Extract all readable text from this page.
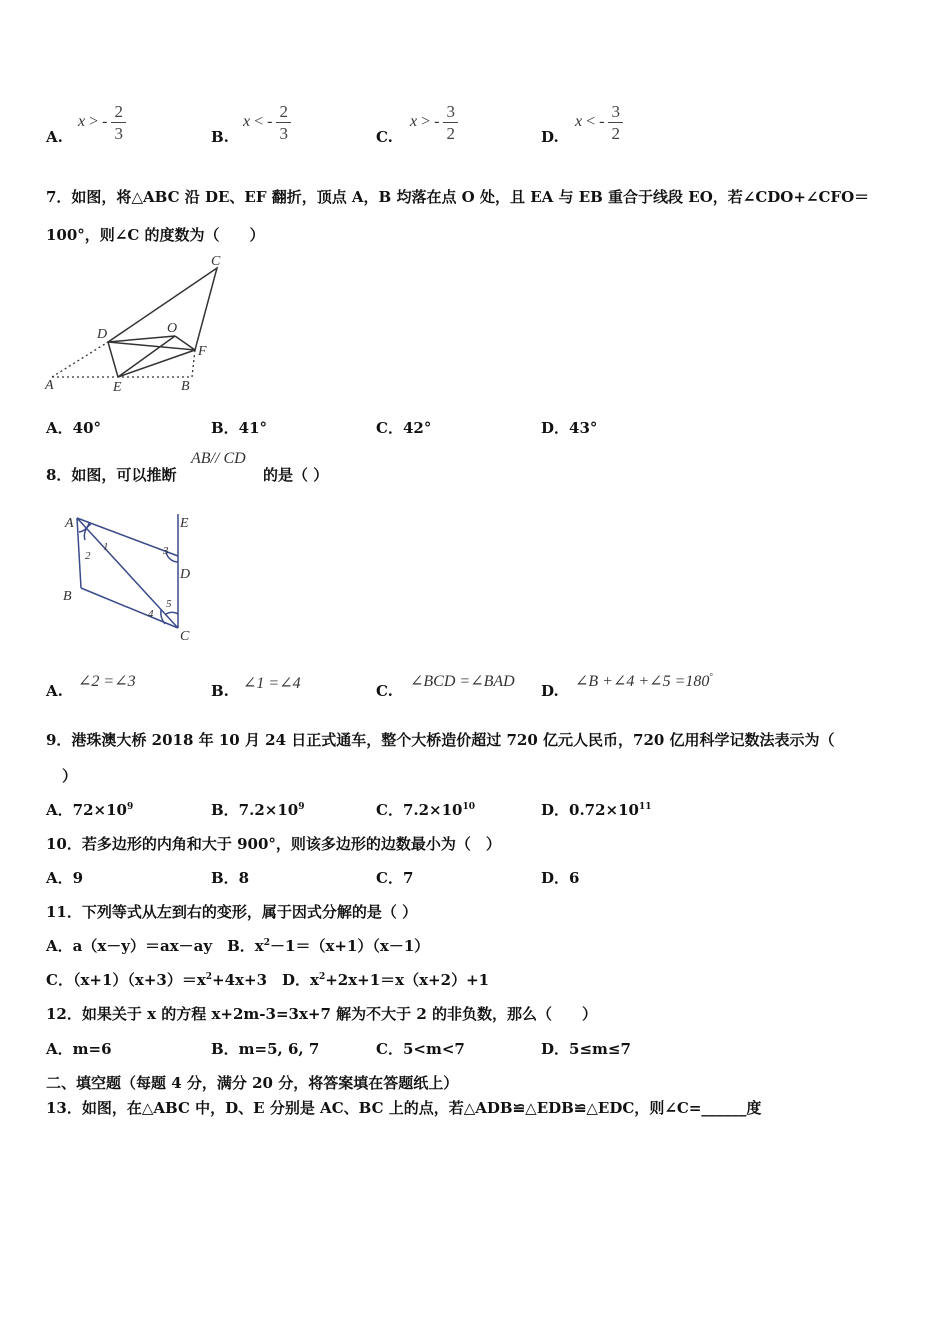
A.
x > - $\frac{2}{3}$	B.
x < - $\frac{2}{3}$	C.
x > - $\frac{3}{2}$	D.
x < - $\frac{3}{2}$
7．如图，将△ABC 沿 DE、EF 翻折，顶点 A，B 均落在点 O 处，且 EA 与 EB 重合于线段 EO，若∠CDO+∠CFO＝
100°，则∠C 的度数为（　　）
C
D	O
F
A	E	B
A．40°	B．41°	C．42°	D．43°
8．如图，可以推断
AB// CD
的是（ ）
A	E
B
D
C
1
2	3
4
5
A.
∠2 =∠3
B. ∠1 =∠4	C.
∠BCD =∠BAD
D.
∠B +∠4 +∠5 =180°
9．港珠澳大桥 2018 年 10 月 24 日正式通车，整个大桥造价超过 720 亿元人民币，720 亿用科学记数法表示为（
）
A．$72\times 10^9$	B．$7.2\times 10^9$	C．$7.2\times 10^{10}$	D．$0.72\times 10^{11}$
10．若多边形的内角和大于 900°，则该多边形的边数最小为（　）
A．9	B．8	C．7	D．6
11．下列等式从左到右的变形，属于因式分解的是（ ）
A．a（x－y）＝ax－ay　B．$x^2-1=(x+1)(x-1)$
C．$(x+1)(x+3)=x^2+4x+3$　D．$x^2+2x+1=x(x+2)+1$
12．如果关于 x 的方程 x+2m-3=3x+7 解为不大于 2 的非负数，那么（　　）
A．m=6	B．m=5, 6, 7	C．5<m<7	D．5≤m≤7
二、填空题（每题 4 分，满分 20 分，将答案填在答题纸上）
13．如图，在△ABC 中，D、E 分别是 AC、BC 上的点，若△ADB≌△EDB≌△EDC，则∠C=______度
